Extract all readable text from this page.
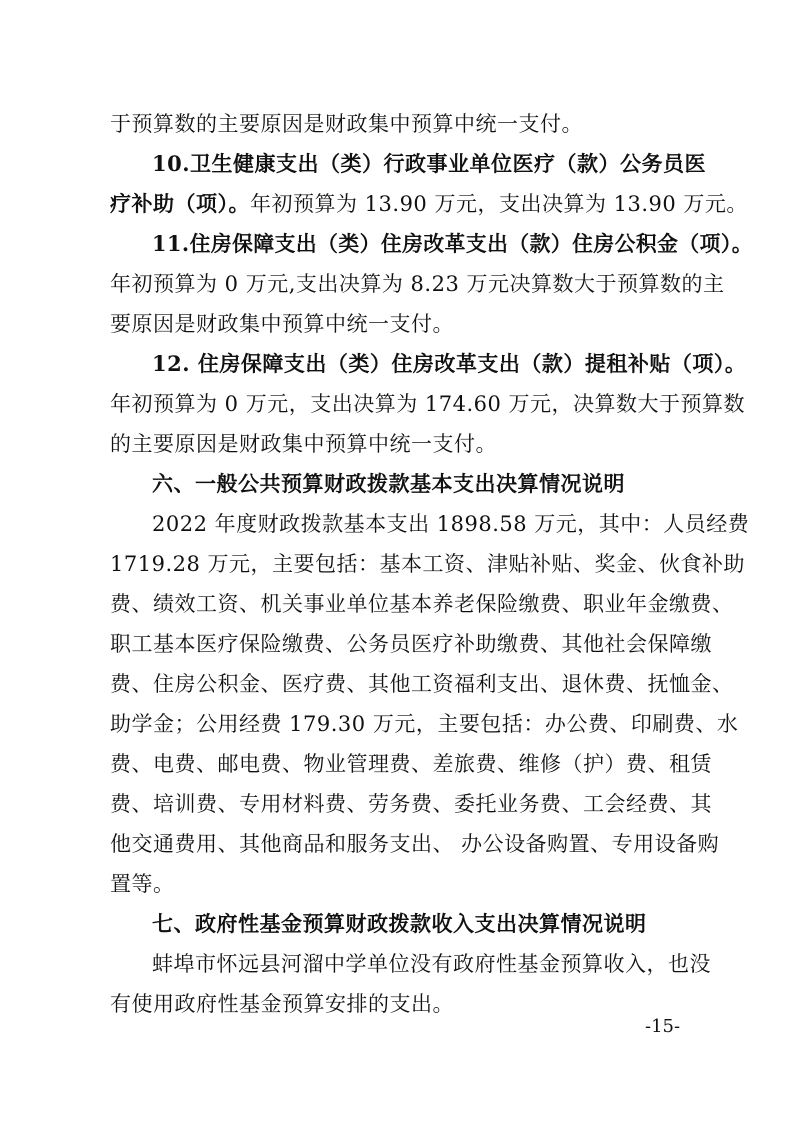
于预算数的主要原因是财政集中预算中统一支付。
10.卫生健康支出（类）行政事业单位医疗（款）公务员医
疗补助（项）。年初预算为 13.90 万元，支出决算为 13.90 万元。
11.住房保障支出（类）住房改革支出（款）住房公积金（项）。
年初预算为 0 万元,支出决算为 8.23 万元决算数大于预算数的主
要原因是财政集中预算中统一支付。
12. 住房保障支出（类）住房改革支出（款）提租补贴（项）。
年初预算为 0 万元，支出决算为 174.60 万元，决算数大于预算数
的主要原因是财政集中预算中统一支付。
六、一般公共预算财政拨款基本支出决算情况说明
2022 年度财政拨款基本支出 1898.58 万元，其中：人员经费
1719.28 万元，主要包括：基本工资、津贴补贴、奖金、伙食补助
费、绩效工资、机关事业单位基本养老保险缴费、职业年金缴费、
职工基本医疗保险缴费、公务员医疗补助缴费、其他社会保障缴
费、住房公积金、医疗费、其他工资福利支出、退休费、抚恤金、
助学金；公用经费 179.30 万元，主要包括：办公费、印刷费、水
费、电费、邮电费、物业管理费、差旅费、维修（护）费、租赁
费、培训费、专用材料费、劳务费、委托业务费、工会经费、其
他交通费用、其他商品和服务支出、 办公设备购置、专用设备购
置等。
七、政府性基金预算财政拨款收入支出决算情况说明
蚌埠市怀远县河溜中学单位没有政府性基金预算收入，也没
有使用政府性基金预算安排的支出。
-15-
